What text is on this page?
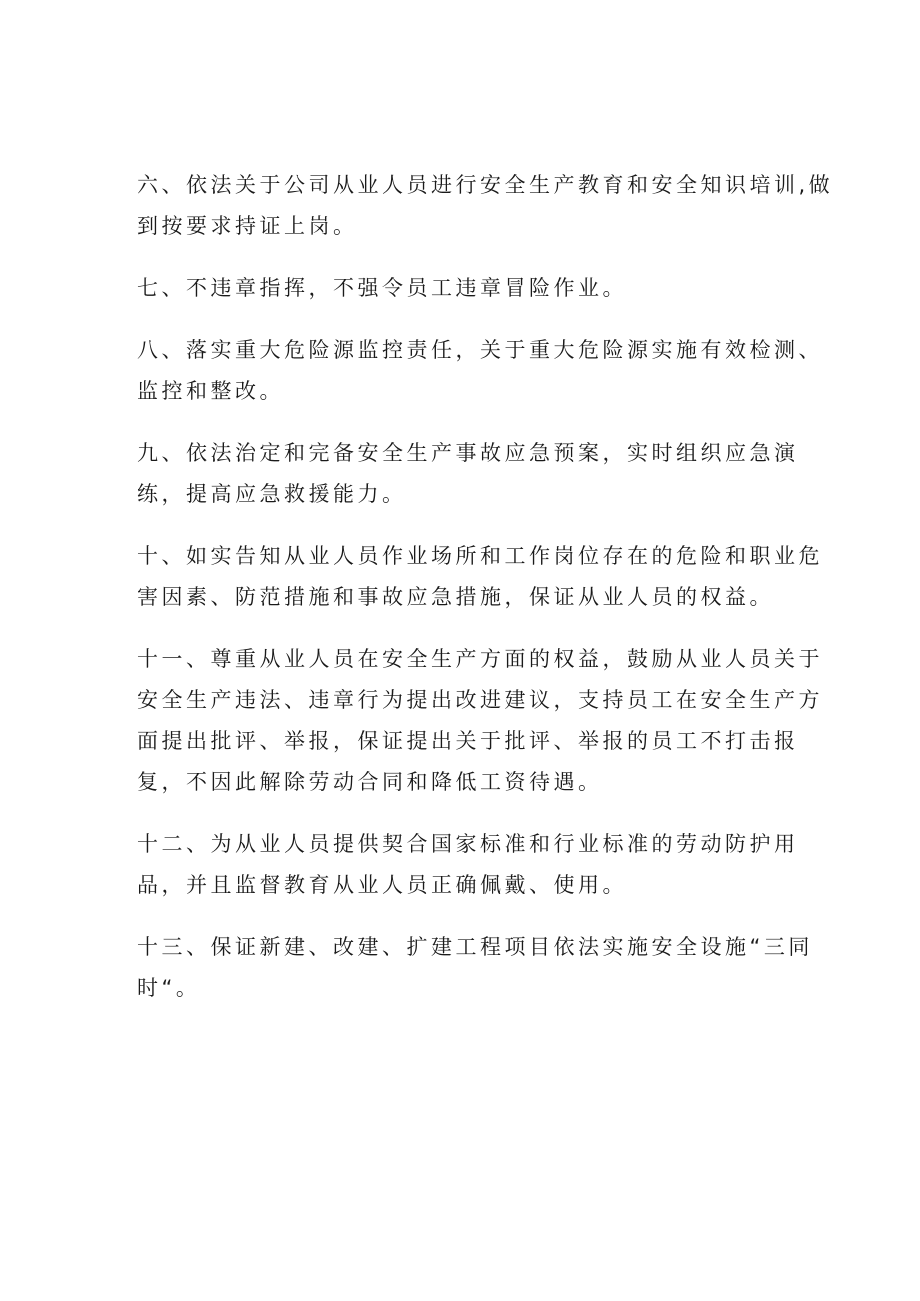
六、依法关于公司从业人员进行安全生产教育和安全知识培训,做
到按要求持证上岗。

七、不违章指挥，不强令员工违章冒险作业。

八、落实重大危险源监控责任，关于重大危险源实施有效检测、
监控和整改。

九、依法治定和完备安全生产事故应急预案，实时组织应急演
练，提高应急救援能力。

十、如实告知从业人员作业场所和工作岗位存在的危险和职业危
害因素、防范措施和事故应急措施，保证从业人员的权益。

十一、尊重从业人员在安全生产方面的权益，鼓励从业人员关于
安全生产违法、违章行为提出改进建议，支持员工在安全生产方
面提出批评、举报，保证提出关于批评、举报的员工不打击报
复，不因此解除劳动合同和降低工资待遇。

十二、为从业人员提供契合国家标准和行业标准的劳动防护用
品，并且监督教育从业人员正确佩戴、使用。

十三、保证新建、改建、扩建工程项目依法实施安全设施“三同
时“。
